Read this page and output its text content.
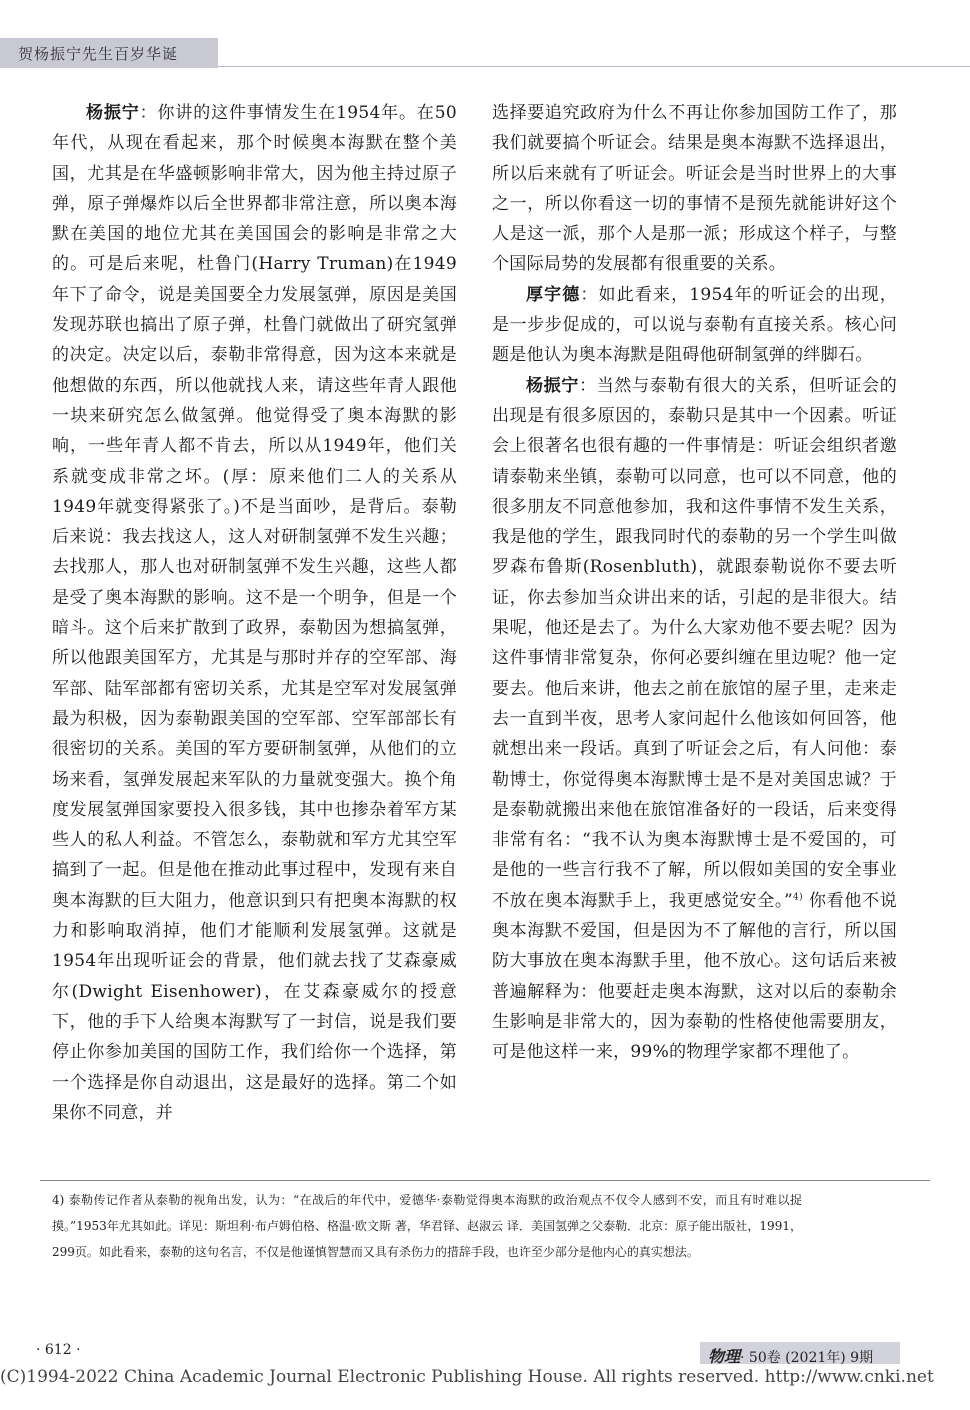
贺杨振宁先生百岁华诞

杨振宁：你讲的这件事情发生在1954年。在50年代，从现在看起来，那个时候奥本海默在整个美国，尤其是在华盛顿影响非常大，因为他主持过原子弹，原子弹爆炸以后全世界都非常注意，所以奥本海默在美国的地位尤其在美国国会的影响是非常之大的。可是后来呢，杜鲁门(Harry Truman)在1949年下了命令，说是美国要全力发展氢弹，原因是美国发现苏联也搞出了原子弹，杜鲁门就做出了研究氢弹的决定。决定以后，泰勒非常得意，因为这本来就是他想做的东西，所以他就找人来，请这些年青人跟他一块来研究怎么做氢弹。他觉得受了奥本海默的影响，一些年青人都不肯去，所以从1949年，他们关系就变成非常之坏。(厚：原来他们二人的关系从1949年就变得紧张了。)不是当面吵，是背后。泰勒后来说：我去找这人，这人对研制氢弹不发生兴趣；去找那人，那人也对研制氢弹不发生兴趣，这些人都是受了奥本海默的影响。这不是一个明争，但是一个暗斗。这个后来扩散到了政界，泰勒因为想搞氢弹，所以他跟美国军方，尤其是与那时并存的空军部、海军部、陆军部都有密切关系，尤其是空军对发展氢弹最为积极，因为泰勒跟美国的空军部、空军部部长有很密切的关系。美国的军方要研制氢弹，从他们的立场来看，氢弹发展起来军队的力量就变强大。换个角度发展氢弹国家要投入很多钱，其中也掺杂着军方某些人的私人利益。不管怎么，泰勒就和军方尤其空军搞到了一起。但是他在推动此事过程中，发现有来自奥本海默的巨大阻力，他意识到只有把奥本海默的权力和影响取消掉，他们才能顺利发展氢弹。这就是1954年出现听证会的背景，他们就去找了艾森豪威尔(Dwight Eisenhower)，在艾森豪威尔的授意下，他的手下人给奥本海默写了一封信，说是我们要停止你参加美国的国防工作，我们给你一个选择，第一个选择是你自动退出，这是最好的选择。第二个如果你不同意，并

选择要追究政府为什么不再让你参加国防工作了，那我们就要搞个听证会。结果是奥本海默不选择退出，所以后来就有了听证会。听证会是当时世界上的大事之一，所以你看这一切的事情不是预先就能讲好这个人是这一派，那个人是那一派；形成这个样子，与整个国际局势的发展都有很重要的关系。

厚宇德：如此看来，1954年的听证会的出现，是一步步促成的，可以说与泰勒有直接关系。核心问题是他认为奥本海默是阻碍他研制氢弹的绊脚石。

杨振宁：当然与泰勒有很大的关系，但听证会的出现是有很多原因的，泰勒只是其中一个因素。听证会上很著名也很有趣的一件事情是：听证会组织者邀请泰勒来坐镇，泰勒可以同意，也可以不同意，他的很多朋友不同意他参加，我和这件事情不发生关系，我是他的学生，跟我同时代的泰勒的另一个学生叫做罗森布鲁斯(Rosenbluth)，就跟泰勒说你不要去听证，你去参加当众讲出来的话，引起的是非很大。结果呢，他还是去了。为什么大家劝他不要去呢？因为这件事情非常复杂，你何必要纠缠在里边呢？他一定要去。他后来讲，他去之前在旅馆的屋子里，走来走去一直到半夜，思考人家问起什么他该如何回答，他就想出来一段话。真到了听证会之后，有人问他：泰勒博士，你觉得奥本海默博士是不是对美国忠诚？于是泰勒就搬出来他在旅馆准备好的一段话，后来变得非常有名：“我不认为奥本海默博士是不爱国的，可是他的一些言行我不了解，所以假如美国的安全事业不放在奥本海默手上，我更感觉安全。”$^{4)}$ 你看他不说奥本海默不爱国，但是因为不了解他的言行，所以国防大事放在奥本海默手里，他不放心。这句话后来被普遍解释为：他要赶走奥本海默，这对以后的泰勒余生影响是非常大的，因为泰勒的性格使他需要朋友，可是他这样一来，99%的物理学家都不理他了。

4) 泰勒传记作者从泰勒的视角出发，认为：“在战后的年代中，爱德华·泰勒觉得奥本海默的政治观点不仅令人感到不安，而且有时难以捉摸。”1953年尤其如此。详见：斯坦利·布卢姆伯格、格温·欧文斯 著，华君铎、赵淑云 译．美国氢弹之父泰勒．北京：原子能出版社，1991，299页。如此看来，泰勒的这句名言，不仅是他谨慎智慧而又具有杀伤力的措辞手段，也许至少部分是他内心的真实想法。
· 612 ·	物理· 50卷 (2021年) 9期
(C)1994-2022 China Academic Journal Electronic Publishing House. All rights reserved. http://www.cnki.net
